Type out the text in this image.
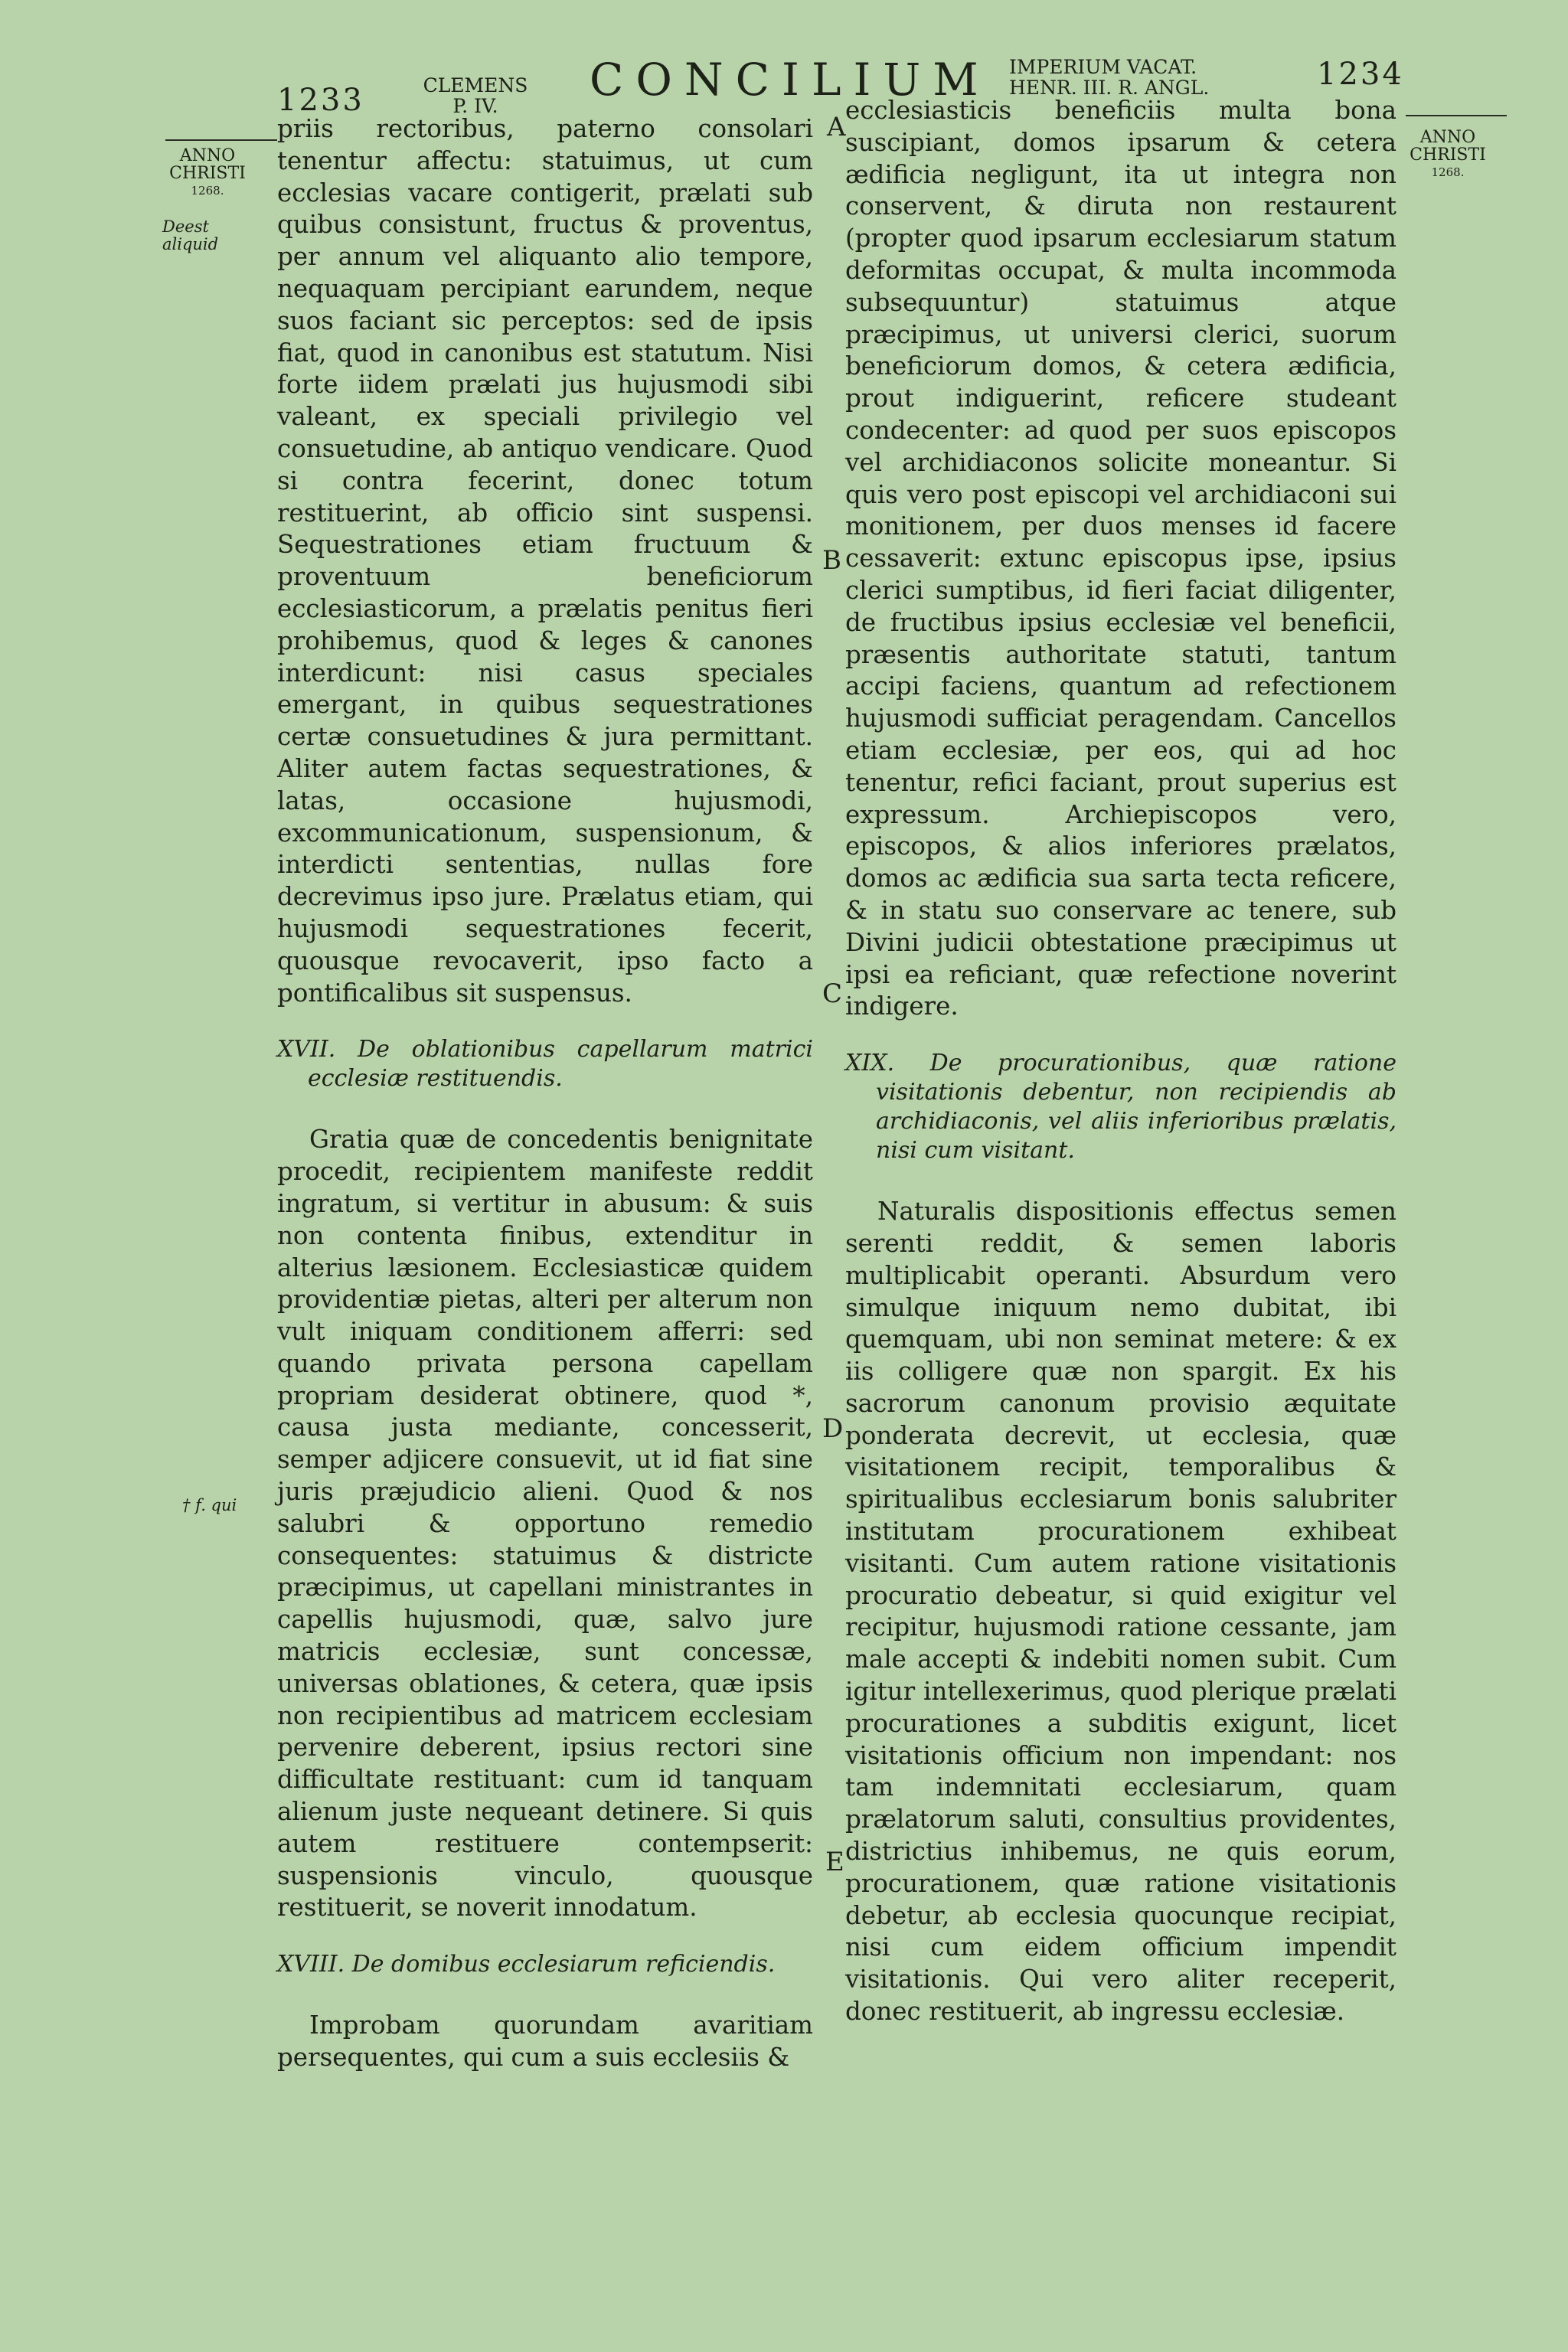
1233	CLEMENS
P. IV.
CONCILIUM IMPERIUM VACAT.
HENR. III. R. ANGL.	1234
ANNO
CHRISTI
1268.
ANNO
CHRISTI
1268.
Deest aliquid
† f. qui
A
B
C
D
E

priis rectoribus, paterno consolari tenentur affectu: statuimus, ut cum ecclesias vacare contigerit, prælati sub quibus consistunt, fructus & proventus, per annum vel aliquanto alio tempore, nequaquam percipiant earundem, neque suos faciant sic perceptos: sed de ipsis fiat, quod in canonibus est statutum. Nisi forte iidem prælati jus hujusmodi sibi valeant, ex speciali privilegio vel consuetudine, ab antiquo vendicare. Quod si contra fecerint, donec totum restituerint, ab officio sint suspensi. Sequestrationes etiam fructuum & proventuum beneficiorum ecclesiasticorum, a prælatis penitus fieri prohibemus, quod & leges & canones interdicunt: nisi casus speciales emergant, in quibus sequestrationes certæ consuetudines & jura permittant. Aliter autem factas sequestrationes, & latas, occasione hujusmodi, excommunicationum, suspensionum, & interdicti sententias, nullas fore decrevimus ipso jure. Prælatus etiam, qui hujusmodi sequestrationes fecerit, quousque revocaverit, ipso facto a pontificalibus sit suspensus.

XVII. De oblationibus capellarum matrici ecclesiæ restituendis.

Gratia quæ de concedentis benignitate procedit, recipientem manifeste reddit ingratum, si vertitur in abusum: & suis non contenta finibus, extenditur in alterius læsionem. Ecclesiasticæ quidem providentiæ pietas, alteri per alterum non vult iniquam conditionem afferri: sed quando privata persona capellam propriam desiderat obtinere, quod *, causa justa mediante, concesserit, semper adjicere consuevit, ut id fiat sine juris præjudicio alieni. Quod & nos salubri & opportuno remedio consequentes: statuimus & districte præcipimus, ut capellani ministrantes in capellis hujusmodi, quæ, salvo jure matricis ecclesiæ, sunt concessæ, universas oblationes, & cetera, quæ ipsis non recipientibus ad matricem ecclesiam pervenire deberent, ipsius rectori sine difficultate restituant: cum id tanquam alienum juste nequeant detinere. Si quis autem restituere contempserit: suspensionis vinculo, quousque restituerit, se noverit innodatum.

XVIII. De domibus ecclesiarum reficiendis.

Improbam quorundam avaritiam persequentes, qui cum a suis ecclesiis &

ecclesiasticis beneficiis multa bona suscipiant, domos ipsarum & cetera ædificia negligunt, ita ut integra non conservent, & diruta non restaurent (propter quod ipsarum ecclesiarum statum deformitas occupat, & multa incommoda subsequuntur) statuimus atque præcipimus, ut universi clerici, suorum beneficiorum domos, & cetera ædificia, prout indiguerint, reficere studeant condecenter: ad quod per suos episcopos vel archidiaconos solicite moneantur. Si quis vero post episcopi vel archidiaconi sui monitionem, per duos menses id facere cessaverit: extunc episcopus ipse, ipsius clerici sumptibus, id fieri faciat diligenter, de fructibus ipsius ecclesiæ vel beneficii, præsentis authoritate statuti, tantum accipi faciens, quantum ad refectionem hujusmodi sufficiat peragendam. Cancellos etiam ecclesiæ, per eos, qui ad hoc tenentur, refici faciant, prout superius est expressum. Archiepiscopos vero, episcopos, & alios inferiores prælatos, domos ac ædificia sua sarta tecta reficere, & in statu suo conservare ac tenere, sub Divini judicii obtestatione præcipimus ut ipsi ea reficiant, quæ refectione noverint indigere.

XIX. De procurationibus, quæ ratione visitationis debentur, non recipiendis ab archidiaconis, vel aliis inferioribus prælatis, nisi cum visitant.

Naturalis dispositionis effectus semen serenti reddit, & semen laboris multiplicabit operanti. Absurdum vero simulque iniquum nemo dubitat, ibi quemquam, ubi non seminat metere: & ex iis colligere quæ non spargit. Ex his sacrorum canonum provisio æquitate ponderata decrevit, ut ecclesia, quæ visitationem recipit, temporalibus & spiritualibus ecclesiarum bonis salubriter institutam procurationem exhibeat visitanti. Cum autem ratione visitationis procuratio debeatur, si quid exigitur vel recipitur, hujusmodi ratione cessante, jam male accepti & indebiti nomen subit. Cum igitur intellexerimus, quod plerique prælati procurationes a subditis exigunt, licet visitationis officium non impendant: nos tam indemnitati ecclesiarum, quam prælatorum saluti, consultius providentes, districtius inhibemus, ne quis eorum, procurationem, quæ ratione visitationis debetur, ab ecclesia quocunque recipiat, nisi cum eidem officium impendit visitationis. Qui vero aliter receperit, donec restituerit, ab ingressu ecclesiæ.
